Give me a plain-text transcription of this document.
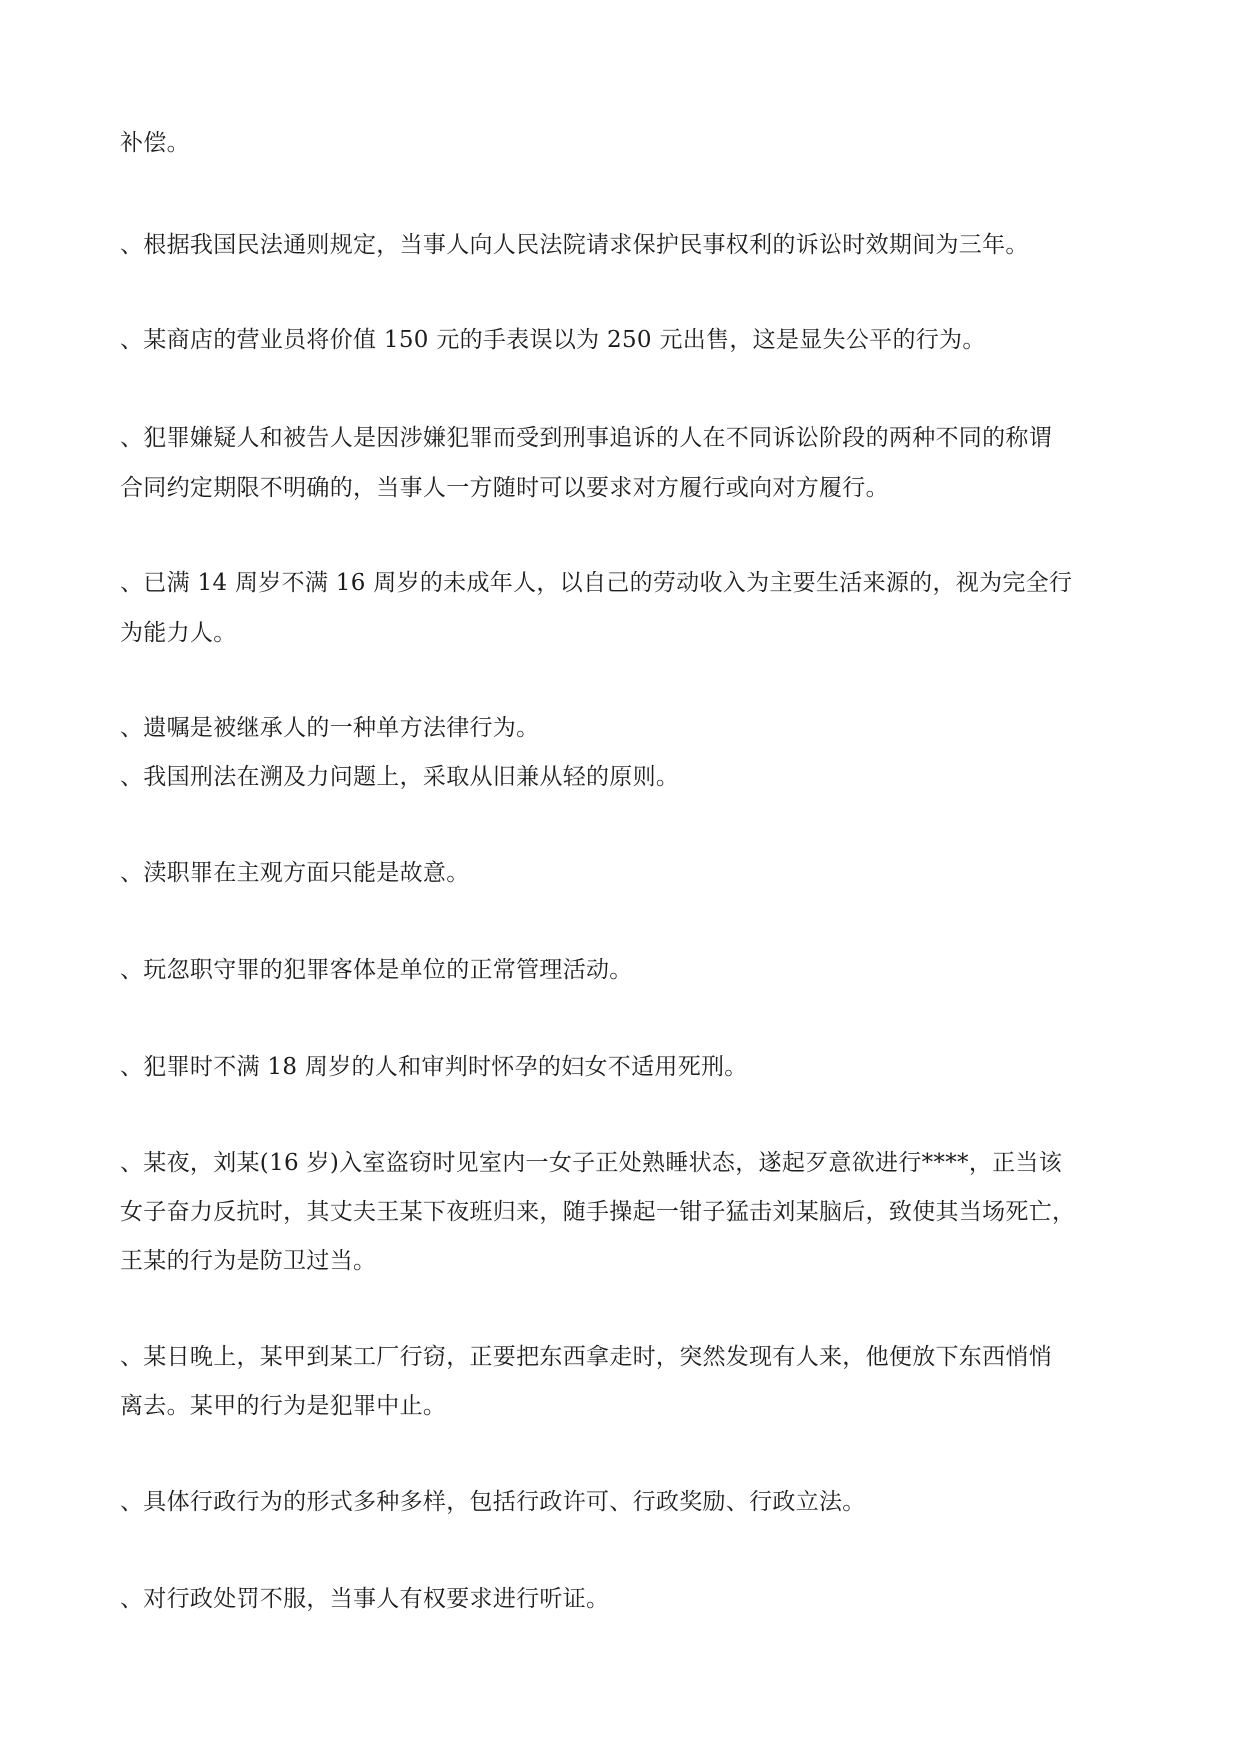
补偿。

、根据我国民法通则规定，当事人向人民法院请求保护民事权利的诉讼时效期间为三年。

、某商店的营业员将价值 150 元的手表误以为 250 元出售，这是显失公平的行为。

、犯罪嫌疑人和被告人是因涉嫌犯罪而受到刑事追诉的人在不同诉讼阶段的两种不同的称谓

合同约定期限不明确的，当事人一方随时可以要求对方履行或向对方履行。

、已满 14 周岁不满 16 周岁的未成年人，以自己的劳动收入为主要生活来源的，视为完全行

为能力人。

、遗嘱是被继承人的一种单方法律行为。

、我国刑法在溯及力问题上，采取从旧兼从轻的原则。

、渎职罪在主观方面只能是故意。

、玩忽职守罪的犯罪客体是单位的正常管理活动。

、犯罪时不满 18 周岁的人和审判时怀孕的妇女不适用死刑。

、某夜，刘某(16 岁)入室盗窃时见室内一女子正处熟睡状态，遂起歹意欲进行****，正当该

女子奋力反抗时，其丈夫王某下夜班归来，随手操起一钳子猛击刘某脑后，致使其当场死亡，

王某的行为是防卫过当。

、某日晚上，某甲到某工厂行窃，正要把东西拿走时，突然发现有人来，他便放下东西悄悄

离去。某甲的行为是犯罪中止。

、具体行政行为的形式多种多样，包括行政许可、行政奖励、行政立法。

、对行政处罚不服，当事人有权要求进行听证。
